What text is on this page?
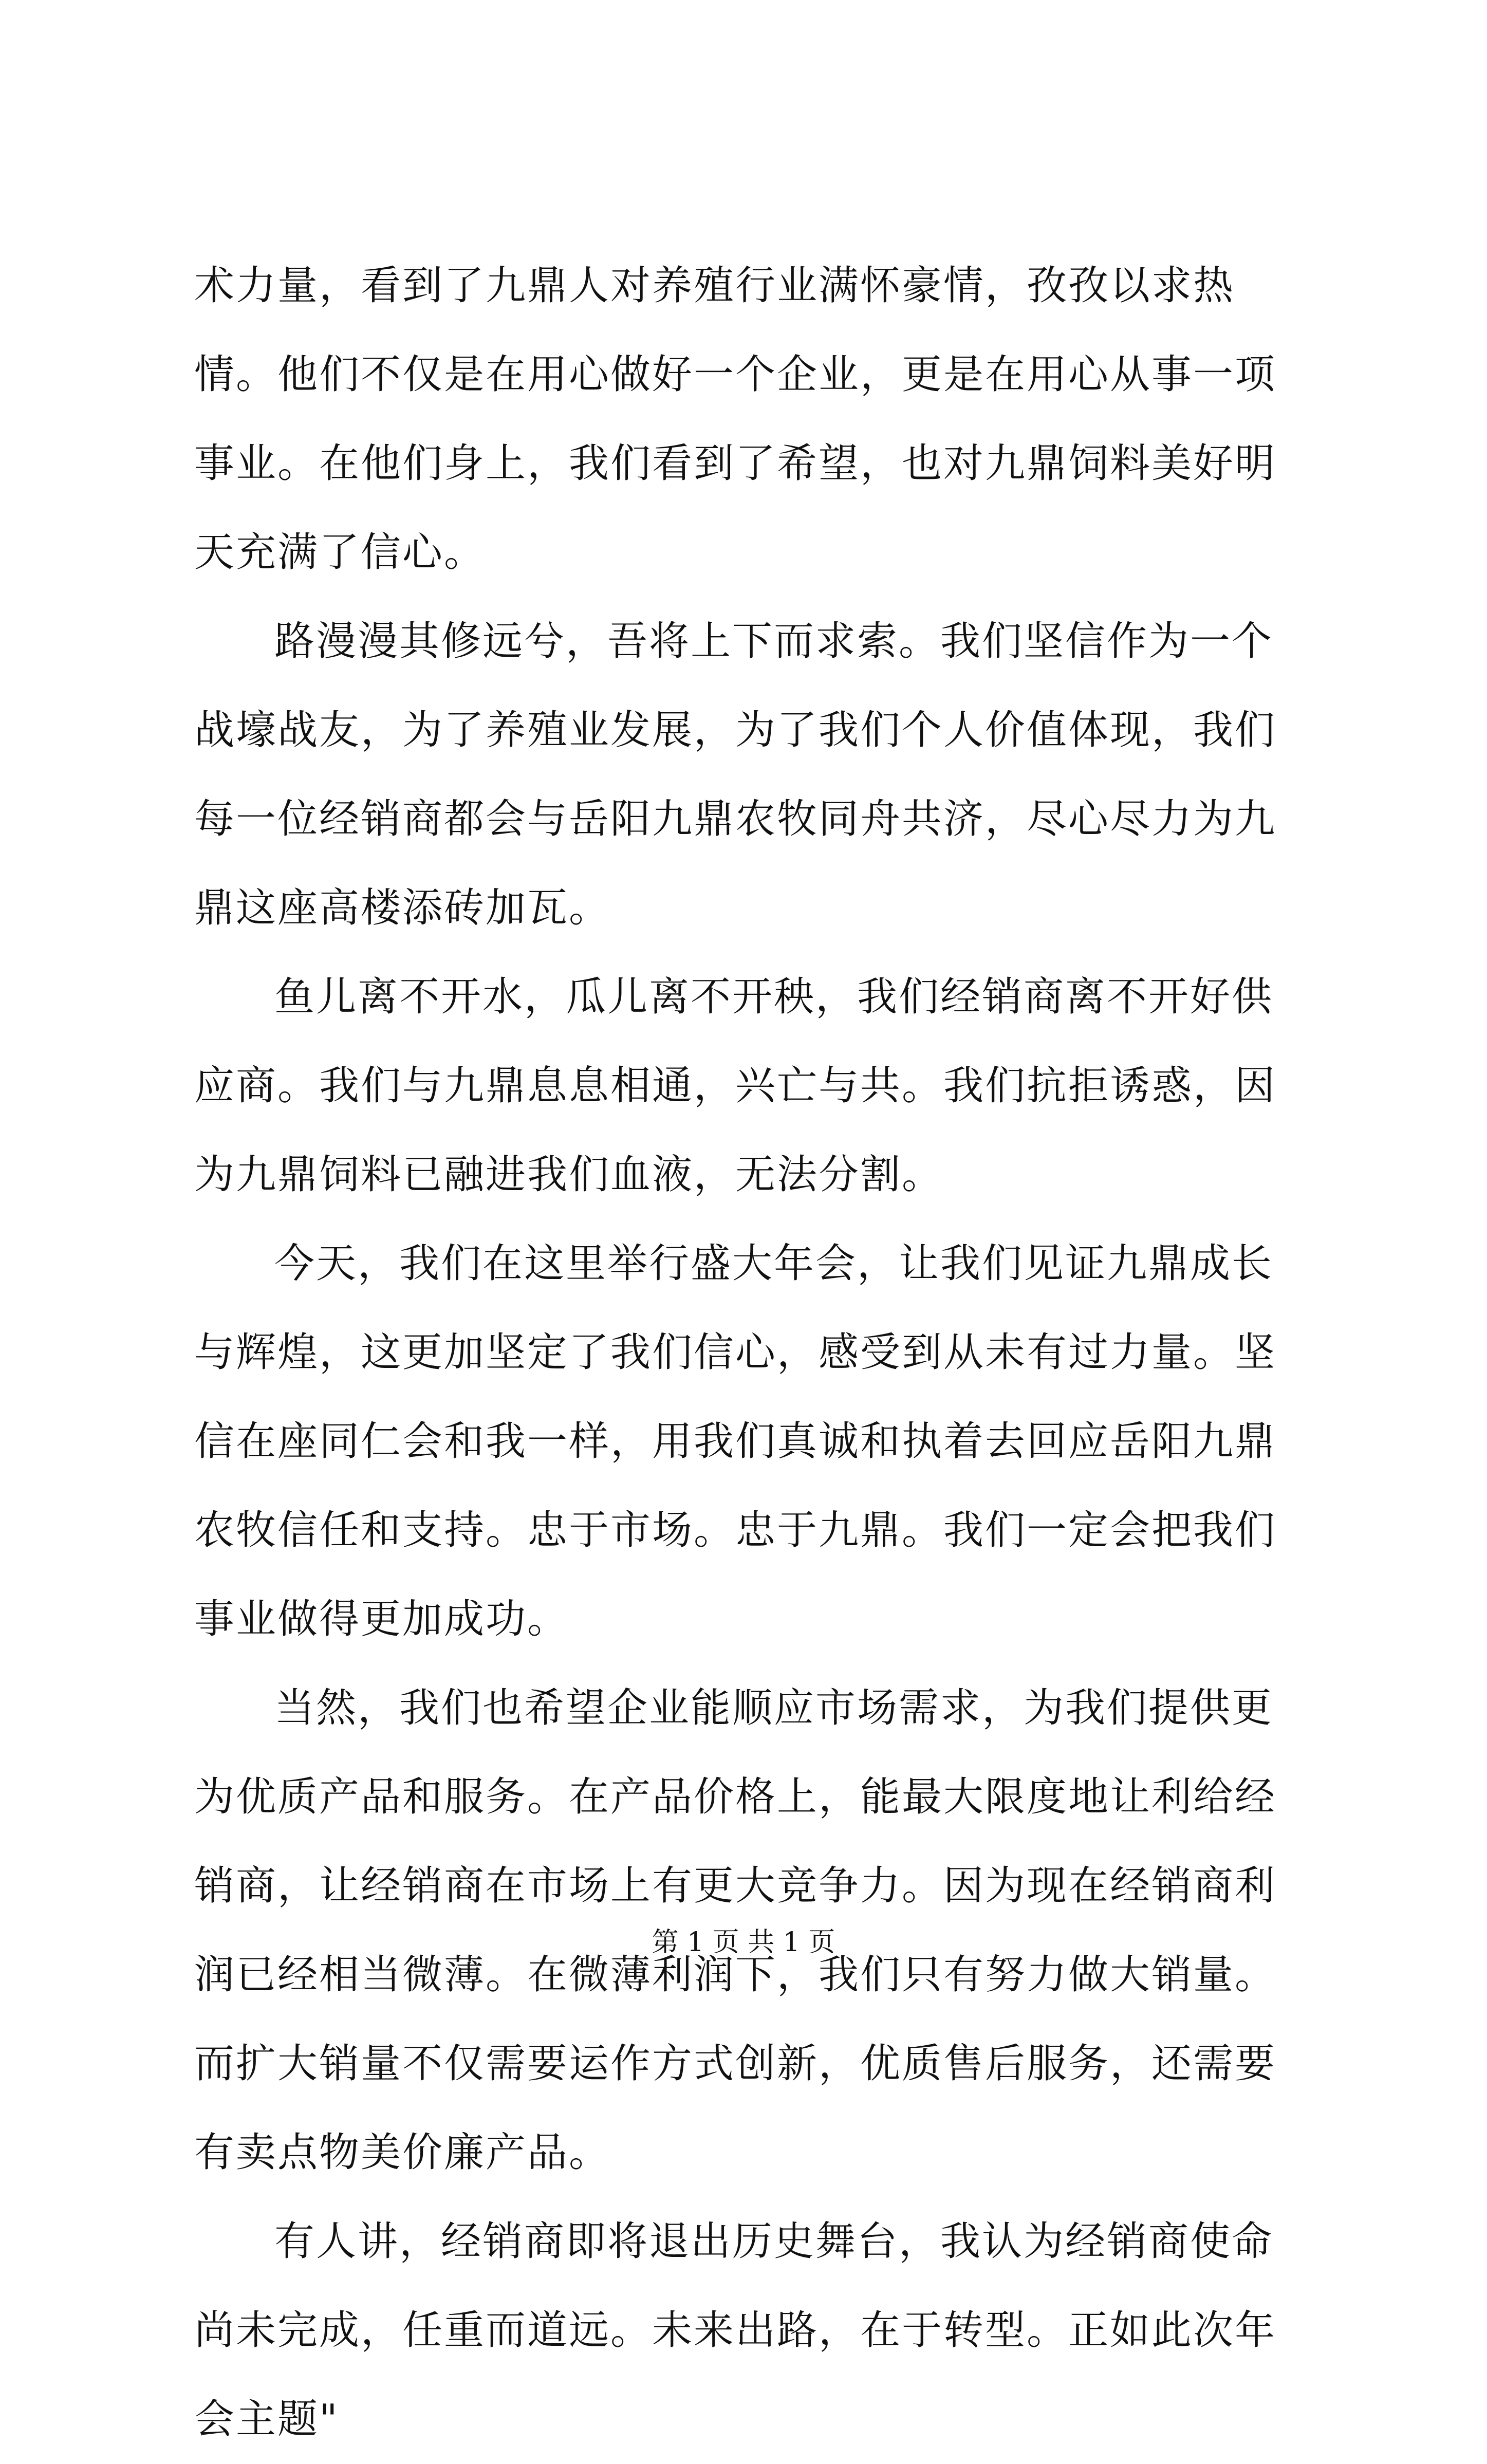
术力量，看到了九鼎人对养殖行业满怀豪情，孜孜以求热情。他们不仅是在用心做好一个企业，更是在用心从事一项事业。在他们身上，我们看到了希望，也对九鼎饲料美好明天充满了信心。

路漫漫其修远兮，吾将上下而求索。我们坚信作为一个战壕战友，为了养殖业发展，为了我们个人价值体现，我们每一位经销商都会与岳阳九鼎农牧同舟共济，尽心尽力为九鼎这座高楼添砖加瓦。

鱼儿离不开水，瓜儿离不开秧，我们经销商离不开好供应商。我们与九鼎息息相通，兴亡与共。我们抗拒诱惑，因为九鼎饲料已融进我们血液，无法分割。

今天，我们在这里举行盛大年会，让我们见证九鼎成长与辉煌，这更加坚定了我们信心，感受到从未有过力量。坚信在座同仁会和我一样，用我们真诚和执着去回应岳阳九鼎农牧信任和支持。忠于市场。忠于九鼎。我们一定会把我们事业做得更加成功。

当然，我们也希望企业能顺应市场需求，为我们提供更为优质产品和服务。在产品价格上，能最大限度地让利给经销商，让经销商在市场上有更大竞争力。因为现在经销商利润已经相当微薄。在微薄利润下，我们只有努力做大销量。而扩大销量不仅需要运作方式创新，优质售后服务，还需要有卖点物美价廉产品。

有人讲，经销商即将退出历史舞台，我认为经销商使命尚未完成，任重而道远。未来出路，在于转型。正如此次年会主题"

第 1 页 共 1 页
